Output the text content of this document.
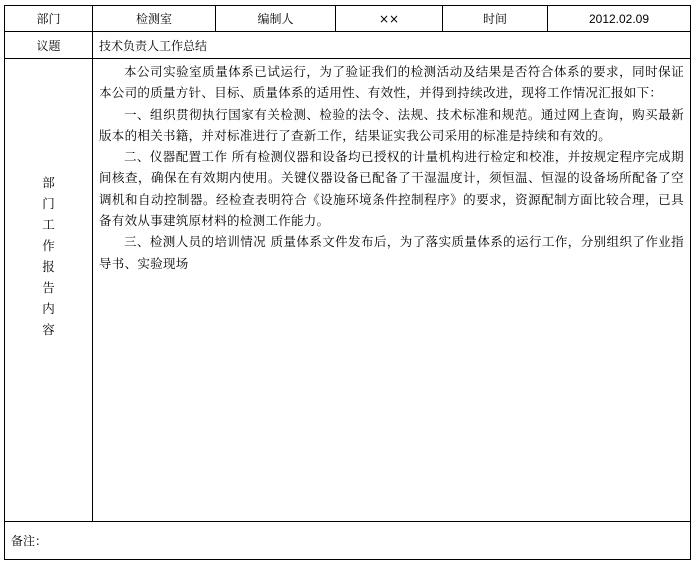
部门	检测室	编制人	××	时间	2012.02.09
议题	技术负责人工作总结				

部门工作报告内容	本公司实验室质量体系已试运行，为了验证我们的检测活动及结果是否符合体系的要求，同时保证本公司的质量方针、目标、质量体系的适用性、有效性，并得到持续改进，现将工作情况汇报如下：

一、组织贯彻执行国家有关检测、检验的法令、法规、技术标准和规范。通过网上查询，购买最新版本的相关书籍，并对标准进行了查新工作，结果证实我公司采用的标准是持续和有效的。

二、仪器配置工作 所有检测仪器和设备均已授权的计量机构进行检定和校准，并按规定程序完成期间核查，确保在有效期内使用。关键仪器设备已配备了干湿温度计，须恒温、恒湿的设备场所配备了空调机和自动控制器。经检查表明符合《设施环境条件控制程序》的要求，资源配制方面比较合理，已具备有效从事建筑原材料的检测工作能力。

三、检测人员的培训情况 质量体系文件发布后，为了落实质量体系的运行工作，分别组织了作业指导书、实验现场				

备注：					
